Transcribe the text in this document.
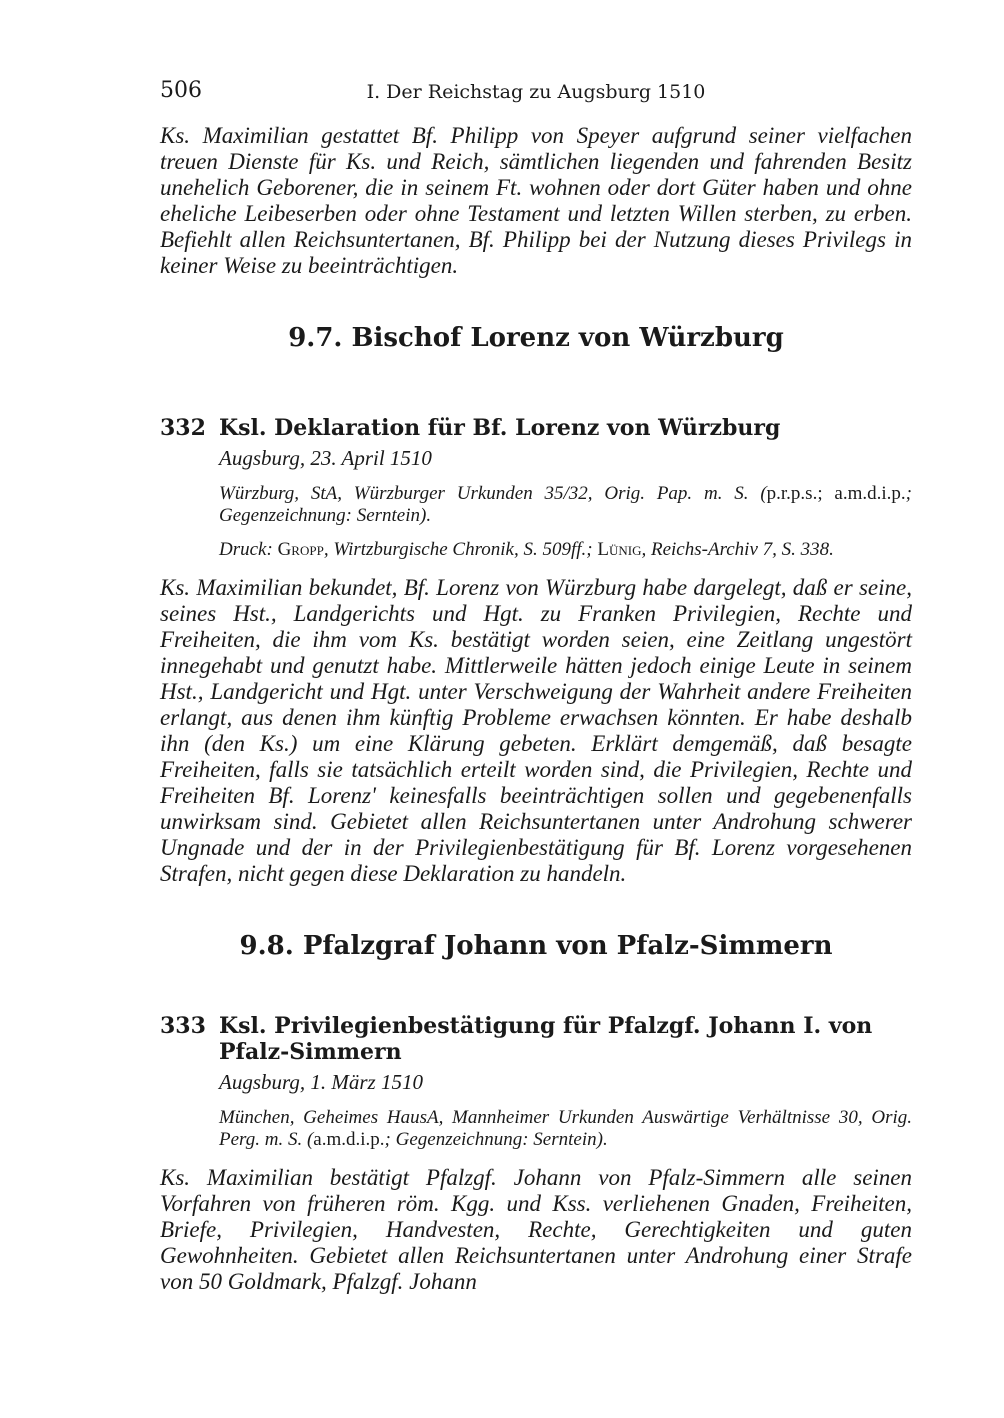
506	I. Der Reichstag zu Augsburg 1510

Ks. Maximilian gestattet Bf. Philipp von Speyer aufgrund seiner vielfachen treuen Dienste für Ks. und Reich, sämtlichen liegenden und fahrenden Besitz unehelich Geborener, die in seinem Ft. wohnen oder dort Güter haben und ohne eheliche Leibeserben oder ohne Testament und letzten Willen sterben, zu erben. Befiehlt allen Reichsuntertanen, Bf. Philipp bei der Nutzung dieses Privilegs in keiner Weise zu beeinträchtigen.

9.7. Bischof Lorenz von Würzburg
332 Ksl. Deklaration für Bf. Lorenz von Würzburg
Augsburg, 23. April 1510
Würzburg, StA, Würzburger Urkunden 35/32, Orig. Pap. m. S. (p.r.p.s.; a.m.d.i.p.; Gegenzeichnung: Serntein).
Druck: Gropp, Wirtzburgische Chronik, S. 509ff.; Lünig, Reichs-Archiv 7, S. 338.

Ks. Maximilian bekundet, Bf. Lorenz von Würzburg habe dargelegt, daß er seine, seines Hst., Landgerichts und Hgt. zu Franken Privilegien, Rechte und Freiheiten, die ihm vom Ks. bestätigt worden seien, eine Zeitlang ungestört innegehabt und genutzt habe. Mittlerweile hätten jedoch einige Leute in seinem Hst., Landgericht und Hgt. unter Verschweigung der Wahrheit andere Freiheiten erlangt, aus denen ihm künftig Probleme erwachsen könnten. Er habe deshalb ihn (den Ks.) um eine Klärung gebeten. Erklärt demgemäß, daß besagte Freiheiten, falls sie tatsächlich erteilt worden sind, die Privilegien, Rechte und Freiheiten Bf. Lorenz' keinesfalls beeinträchtigen sollen und gegebenenfalls unwirksam sind. Gebietet allen Reichsuntertanen unter Androhung schwerer Ungnade und der in der Privilegienbestätigung für Bf. Lorenz vorgesehenen Strafen, nicht gegen diese Deklaration zu handeln.

9.8. Pfalzgraf Johann von Pfalz-Simmern
333 Ksl. Privilegienbestätigung für Pfalzgf. Johann I. von Pfalz-Simmern
Augsburg, 1. März 1510
München, Geheimes HausA, Mannheimer Urkunden Auswärtige Verhältnisse 30, Orig. Perg. m. S. (a.m.d.i.p.; Gegenzeichnung: Serntein).

Ks. Maximilian bestätigt Pfalzgf. Johann von Pfalz-Simmern alle seinen Vorfahren von früheren röm. Kgg. und Kss. verliehenen Gnaden, Freiheiten, Briefe, Privilegien, Handvesten, Rechte, Gerechtigkeiten und guten Gewohnheiten. Gebietet allen Reichsuntertanen unter Androhung einer Strafe von 50 Goldmark, Pfalzgf. Johann
